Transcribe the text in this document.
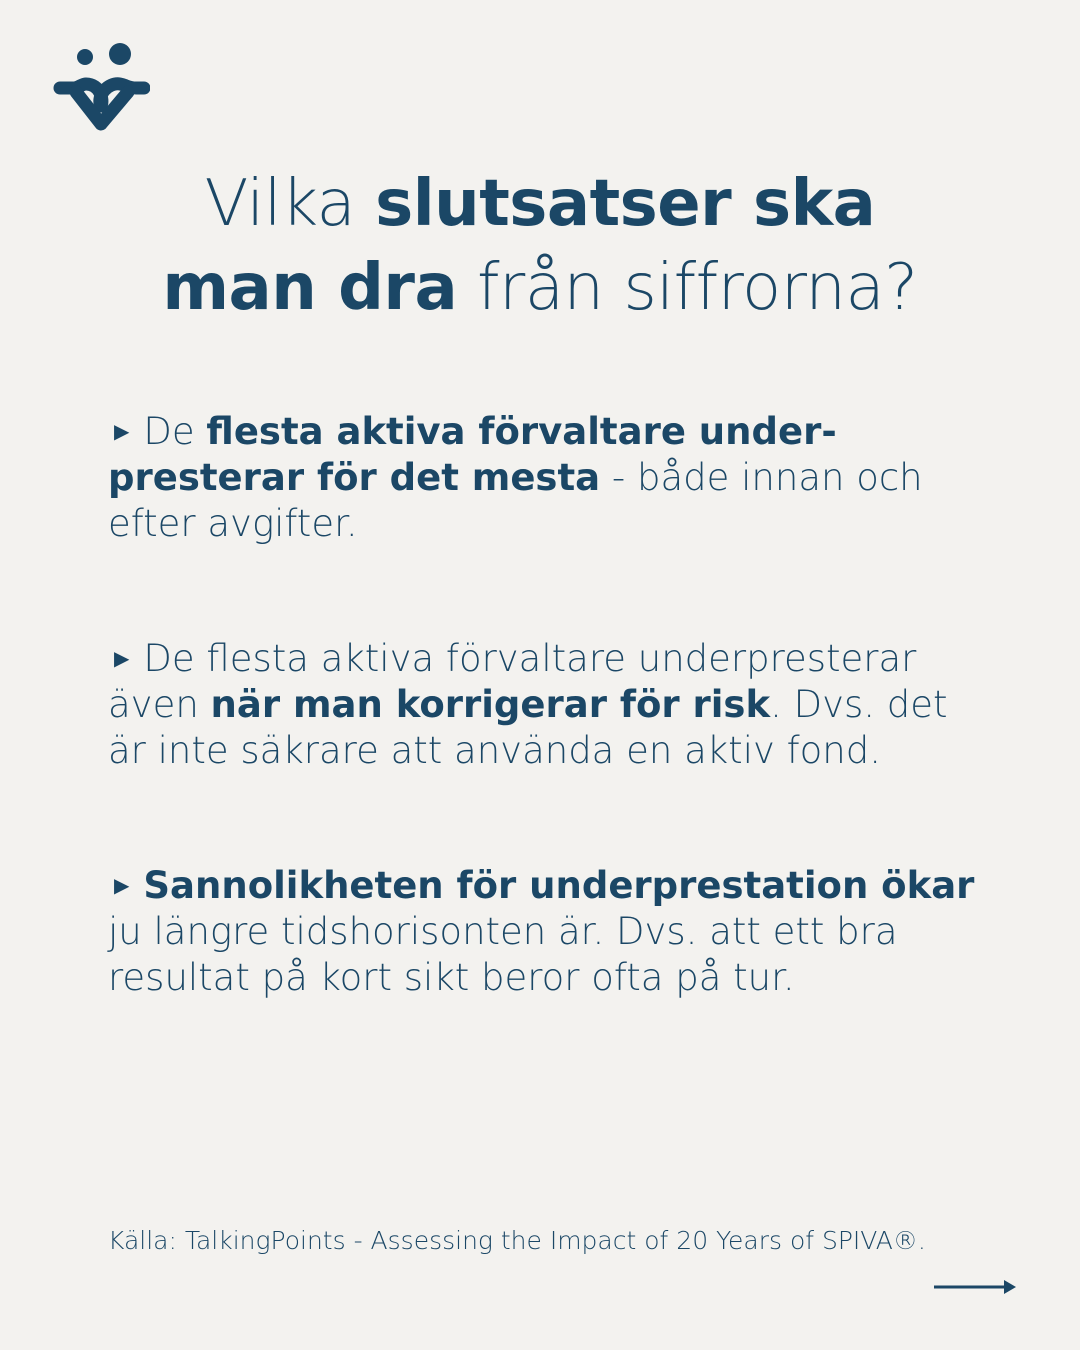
Vilka slutsatser ska
man dra från siffrorna?

▶ De flesta aktiva förvaltare under-presterar för det mesta - både innan och efter avgifter.

▶ De flesta aktiva förvaltare underpresterar även när man korrigerar för risk. Dvs. det är inte säkrare att använda en aktiv fond.

▶ Sannolikheten för underprestation ökar ju längre tidshorisonten är. Dvs. att ett bra resultat på kort sikt beror ofta på tur.

Källa: TalkingPoints - Assessing the Impact of 20 Years of SPIVA®.
